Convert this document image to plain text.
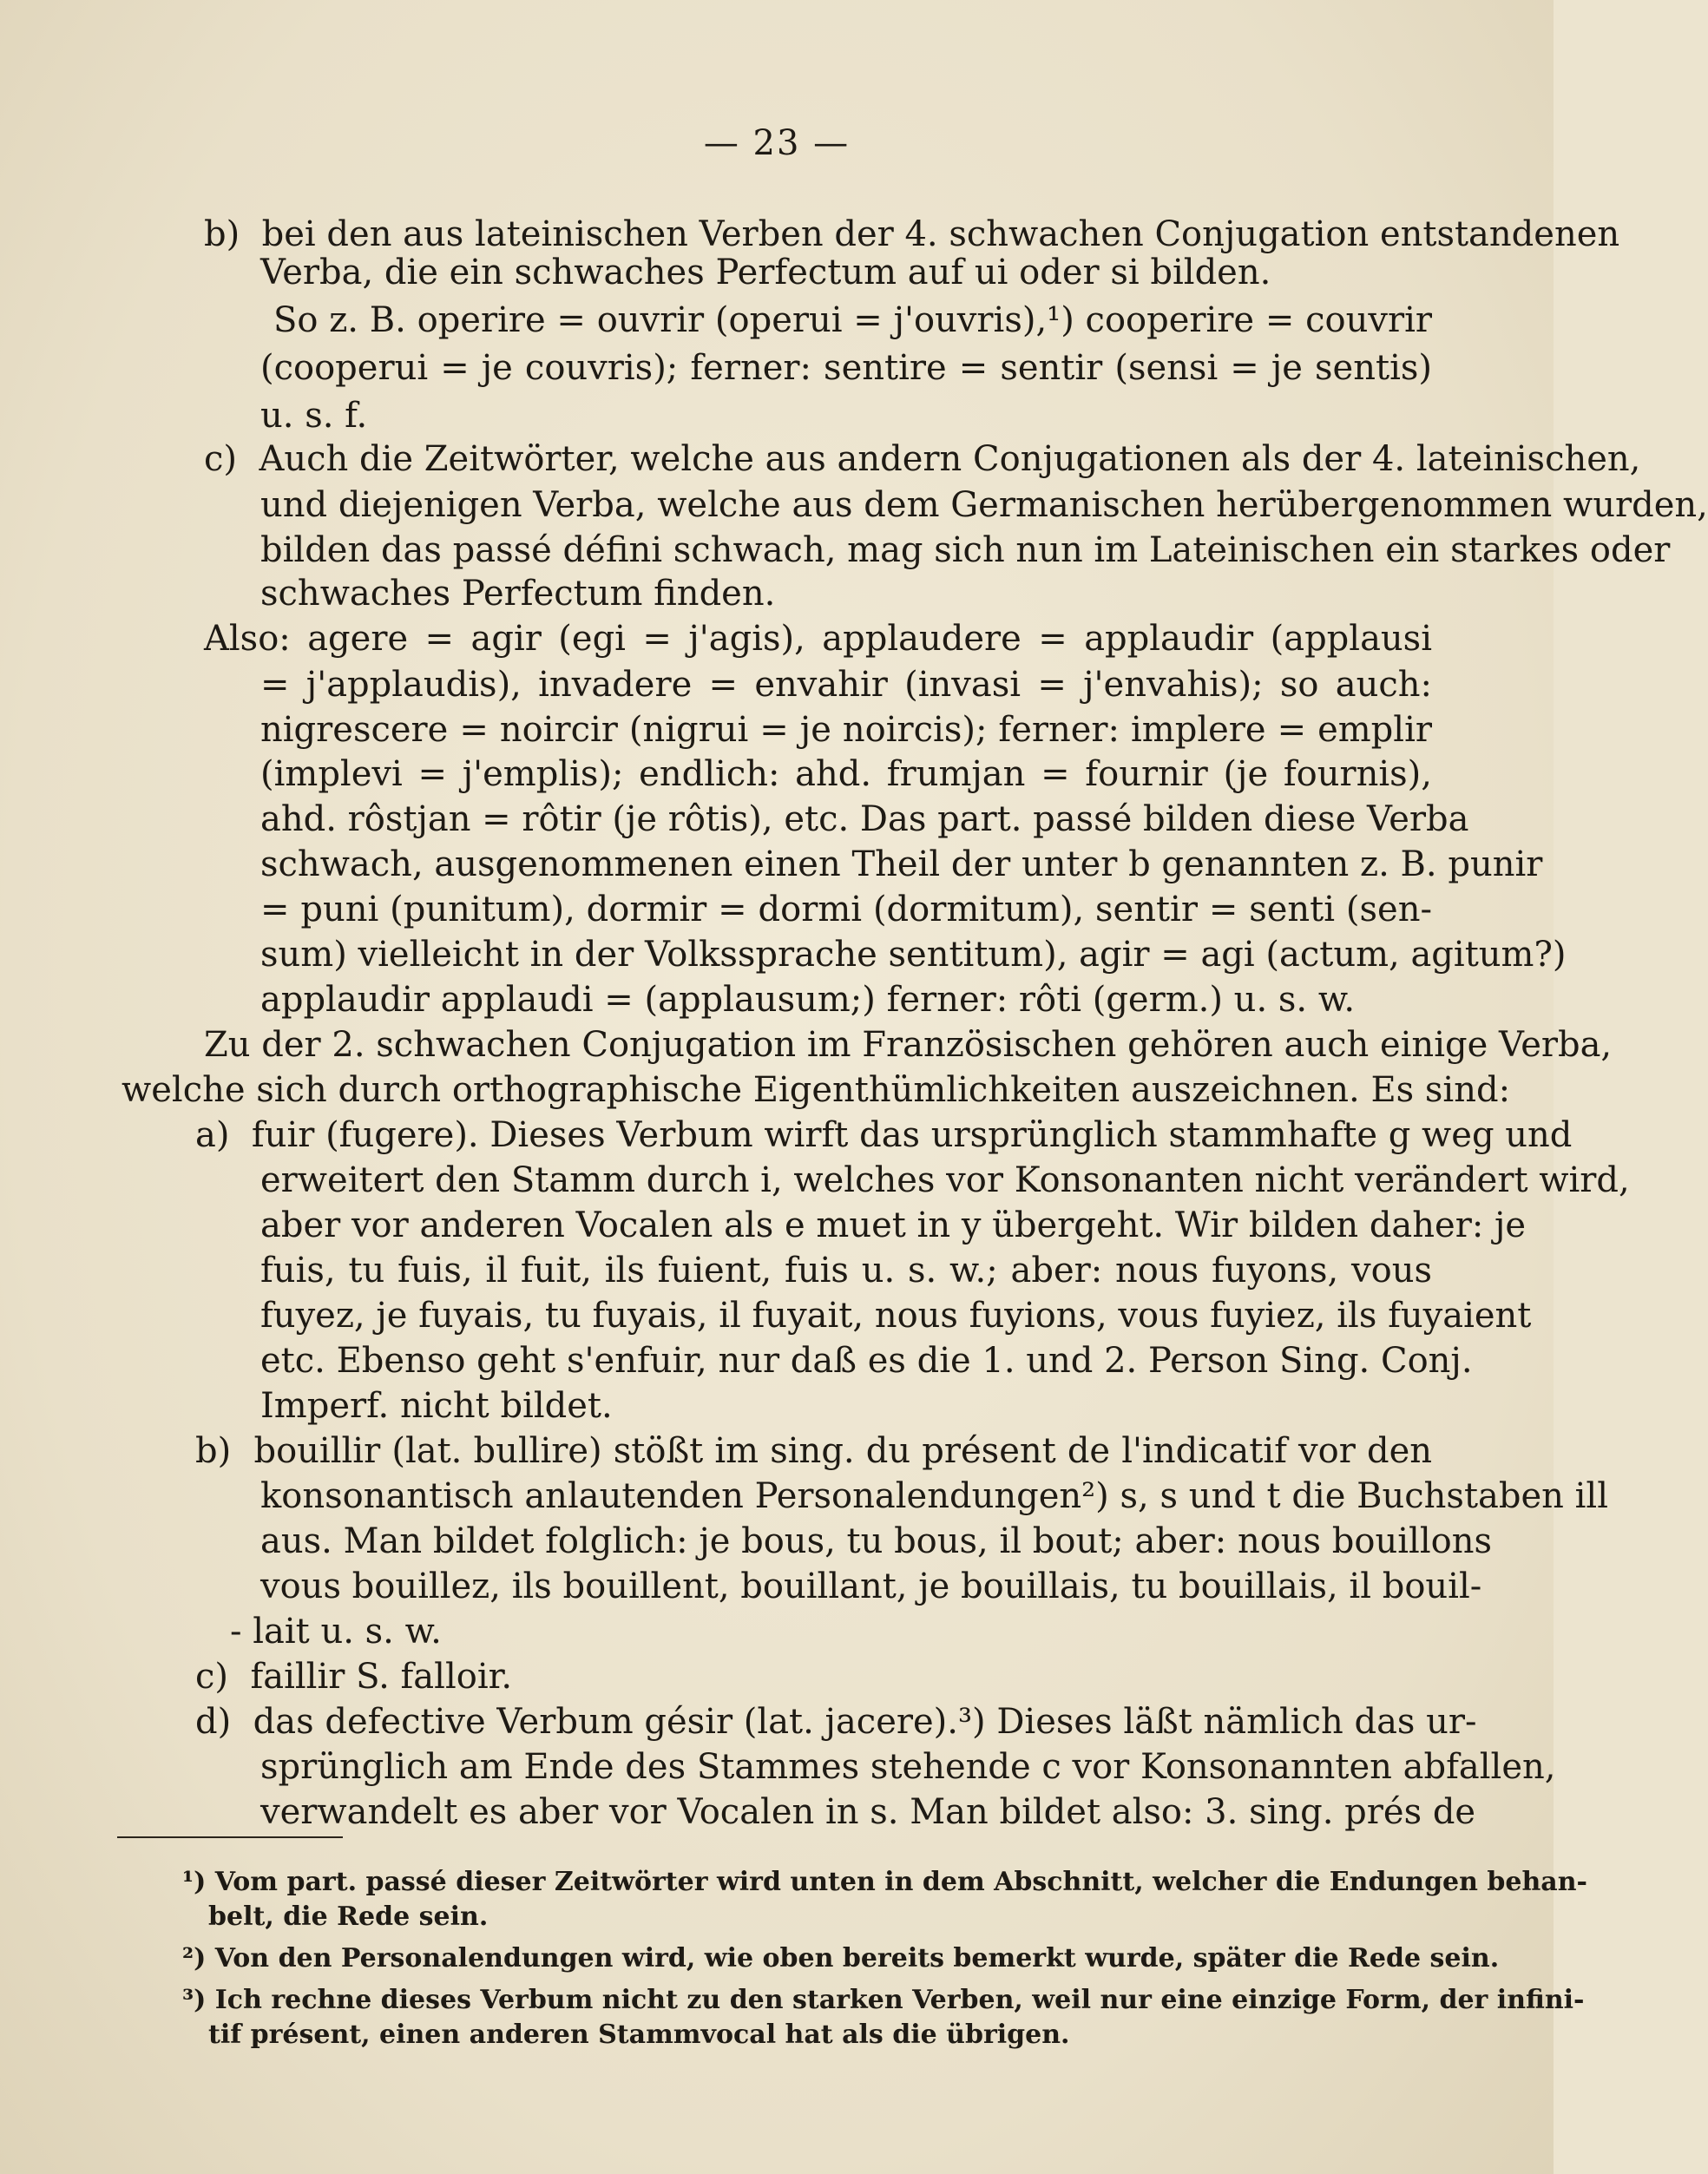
— 23 —
b)  bei den aus lateinischen Verben der 4. schwachen Conjugation entstandenen
Verba, die ein schwaches Perfectum auf ui oder si bilden.
So z. B. operire = ouvrir (operui = j'ouvris),¹) cooperire = couvrir
(cooperui = je couvris); ferner: sentire = sentir (sensi = je sentis)
u. s. f.
c)  Auch die Zeitwörter, welche aus andern Conjugationen als der 4. lateinischen,
und diejenigen Verba, welche aus dem Germanischen herübergenommen wurden,
bilden das passé défini schwach, mag sich nun im Lateinischen ein starkes oder
schwaches Perfectum finden.
Also: agere = agir (egi = j'agis), applaudere = applaudir (applausi
= j'applaudis), invadere = envahir (invasi = j'envahis); so auch:
nigrescere = noircir (nigrui = je noircis); ferner: implere = emplir
(implevi = j'emplis); endlich: ahd. frumjan = fournir (je fournis),
ahd. rôstjan = rôtir (je rôtis), etc. Das part. passé bilden diese Verba
schwach, ausgenommenen einen Theil der unter b genannten z. B. punir
= puni (punitum), dormir = dormi (dormitum), sentir = senti (sen-
sum) vielleicht in der Volkssprache sentitum), agir = agi (actum, agitum?)
applaudir applaudi = (applausum;) ferner: rôti (germ.) u. s. w.
Zu der 2. schwachen Conjugation im Französischen gehören auch einige Verba,
welche sich durch orthographische Eigenthümlichkeiten auszeichnen. Es sind:
a)  fuir (fugere). Dieses Verbum wirft das ursprünglich stammhafte g weg und
erweitert den Stamm durch i, welches vor Konsonanten nicht verändert wird,
aber vor anderen Vocalen als e muet in y übergeht. Wir bilden daher: je
fuis, tu fuis, il fuit, ils fuient, fuis u. s. w.; aber: nous fuyons, vous
fuyez, je fuyais, tu fuyais, il fuyait, nous fuyions, vous fuyiez, ils fuyaient
etc. Ebenso geht s'enfuir, nur daß es die 1. und 2. Person Sing. Conj.
Imperf. nicht bildet.
b)  bouillir (lat. bullire) stößt im sing. du présent de l'indicatif vor den
konsonantisch anlautenden Personalendungen²) s, s und t die Buchstaben ill
aus. Man bildet folglich: je bous, tu bous, il bout; aber: nous bouillons
vous bouillez, ils bouillent, bouillant, je bouillais, tu bouillais, il bouil-
- lait u. s. w.
c)  faillir S. falloir.
d)  das defective Verbum gésir (lat. jacere).³) Dieses läßt nämlich das ur-
sprünglich am Ende des Stammes stehende c vor Konsonannten abfallen,
verwandelt es aber vor Vocalen in s. Man bildet also: 3. sing. prés de
¹) Vom part. passé dieser Zeitwörter wird unten in dem Abschnitt, welcher die Endungen behan-
belt, die Rede sein.
²) Von den Personalendungen wird, wie oben bereits bemerkt wurde, später die Rede sein.
³) Ich rechne dieses Verbum nicht zu den starken Verben, weil nur eine einzige Form, der infini-
tif présent, einen anderen Stammvocal hat als die übrigen.
